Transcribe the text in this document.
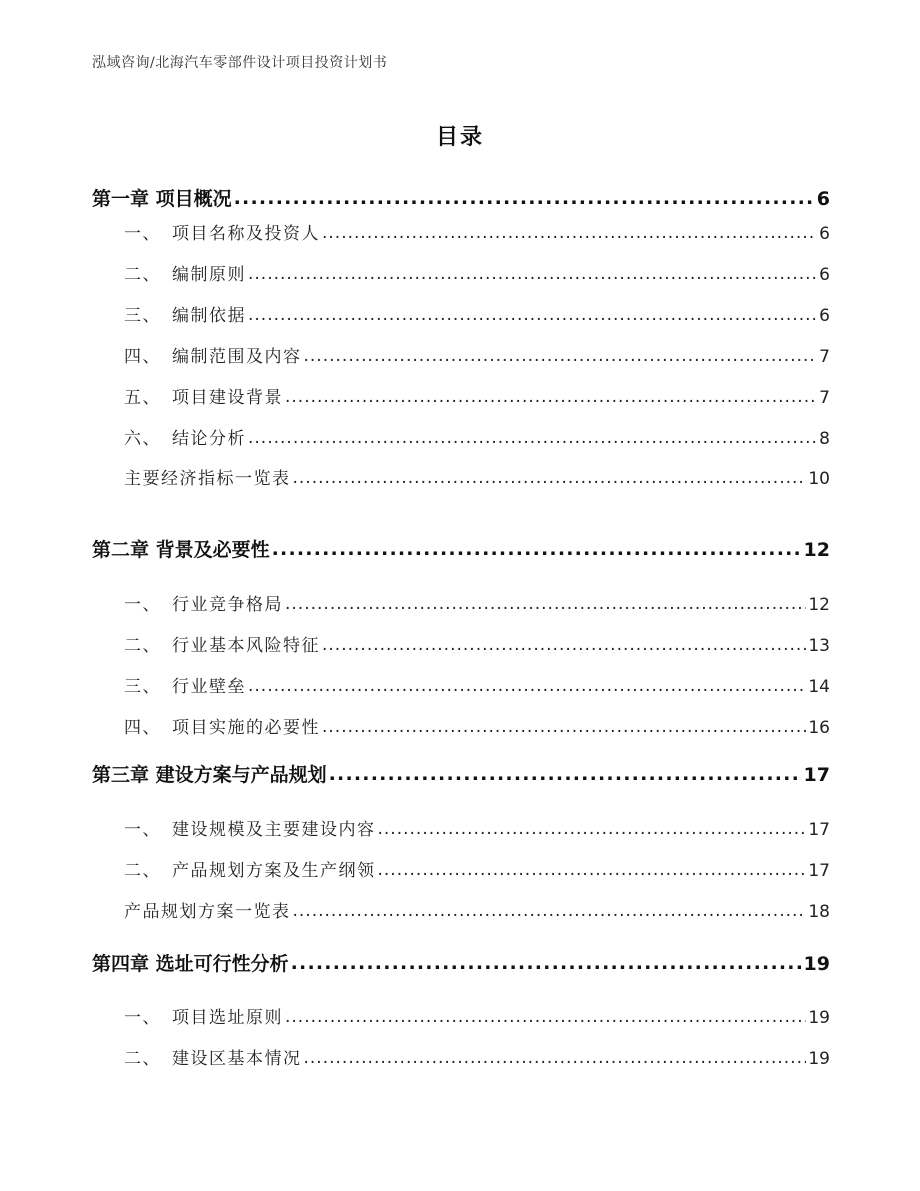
泓域咨询/北海汽车零部件设计项目投资计划书
目录
第一章 项目概况 .....	6
一、 项目名称及投资人 .....	6
二、 编制原则 .....	6
三、 编制依据 .....	6
四、 编制范围及内容 .....	7
五、 项目建设背景 .....	7
六、 结论分析 .....	8
主要经济指标一览表 .....	10
第二章 背景及必要性 .....	12
一、 行业竞争格局 .....	12
二、 行业基本风险特征 .....	13
三、 行业壁垒 .....	14
四、 项目实施的必要性 .....	16
第三章 建设方案与产品规划 .....	17
一、 建设规模及主要建设内容 .....	17
二、 产品规划方案及生产纲领 .....	17
产品规划方案一览表 .....	18
第四章 选址可行性分析 .....	19
一、 项目选址原则 .....	19
二、 建设区基本情况 .....	19
